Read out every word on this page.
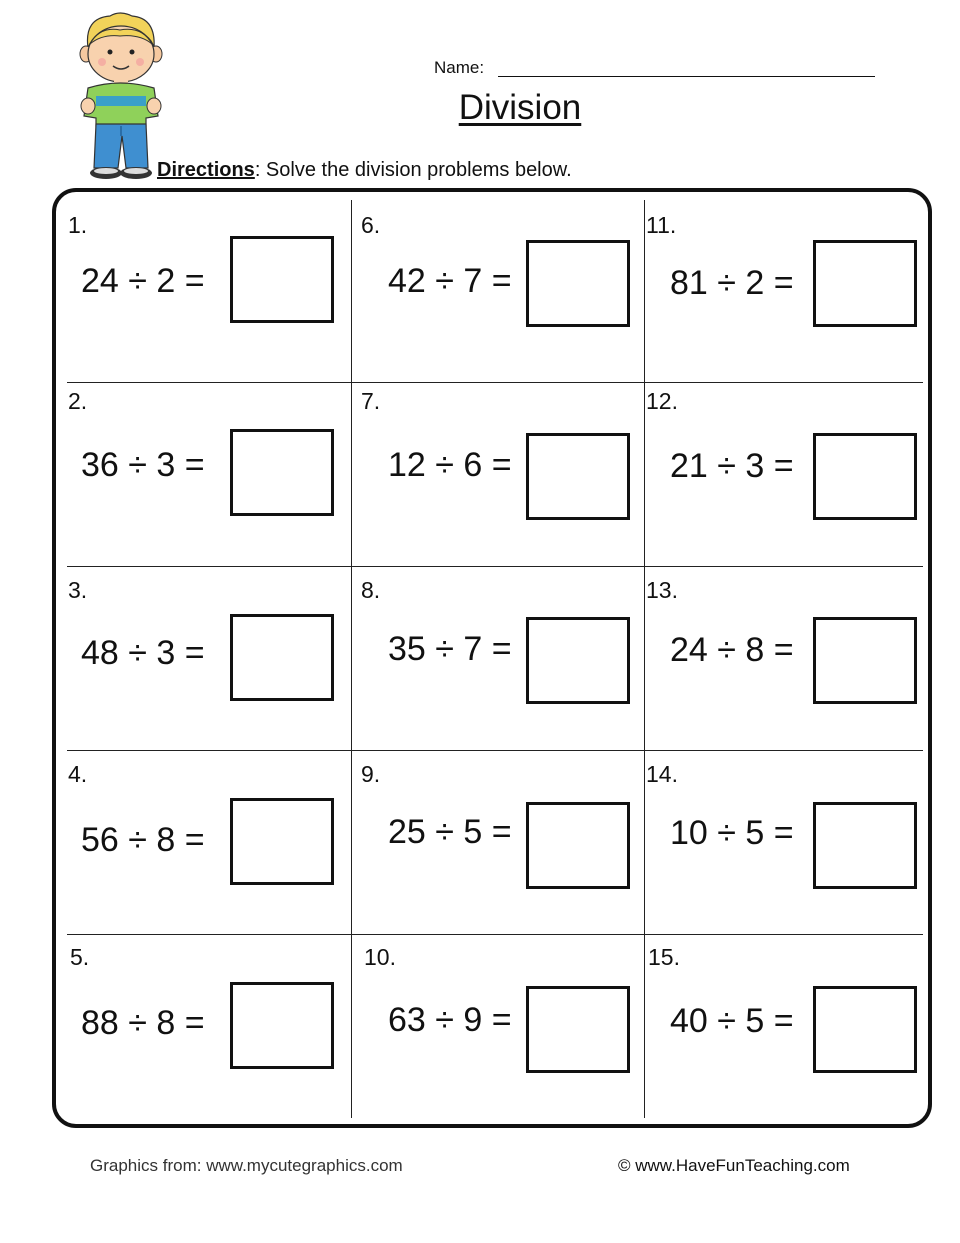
Name:
Division
Directions: Solve the division problems below.
1.
24 ÷ 2 =
2.
36 ÷ 3 =
3.
48 ÷ 3 =
4.
56 ÷ 8 =
5.
88 ÷ 8 =
6.
42 ÷ 7 =
7.
12 ÷ 6 =
8.
35 ÷ 7 =
9.
25 ÷ 5 =
10.
63 ÷ 9 =
11.
81 ÷ 2 =
12.
21 ÷ 3 =
13.
24 ÷ 8 =
14.
10 ÷ 5 =
15.
40 ÷ 5 =
Graphics from: www.mycutegraphics.com	© www.HaveFunTeaching.com
